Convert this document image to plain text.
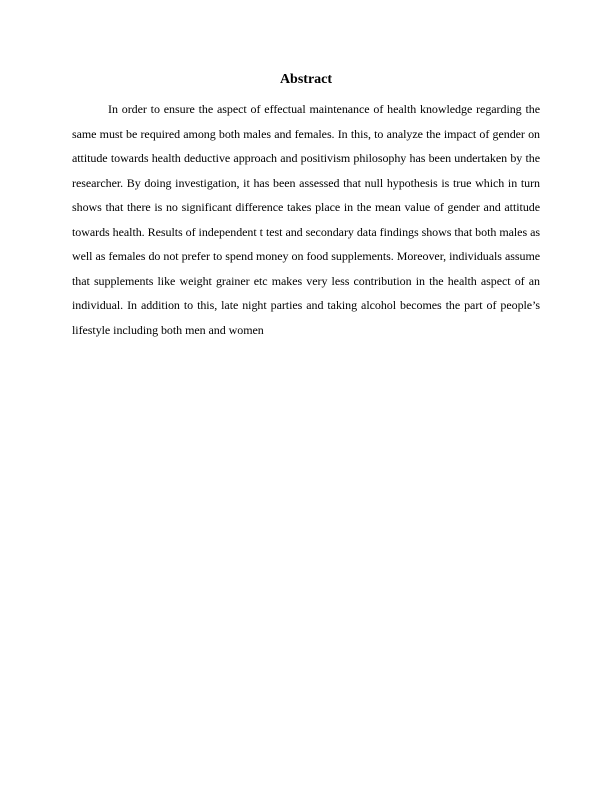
Abstract

In order to ensure the aspect of effectual maintenance of health knowledge regarding the same must be required among both males and females. In this, to analyze the impact of gender on attitude towards health deductive approach and positivism philosophy has been undertaken by the researcher. By doing investigation, it has been assessed that null hypothesis is true which in turn shows that there is no significant difference takes place in the mean value of gender and attitude towards health. Results of independent t test and secondary data findings shows that both males as well as females do not prefer to spend money on food supplements. Moreover, individuals assume that supplements like weight grainer etc makes very less contribution in the health aspect of an individual. In addition to this, late night parties and taking alcohol becomes the part of people’s lifestyle including both men and women
